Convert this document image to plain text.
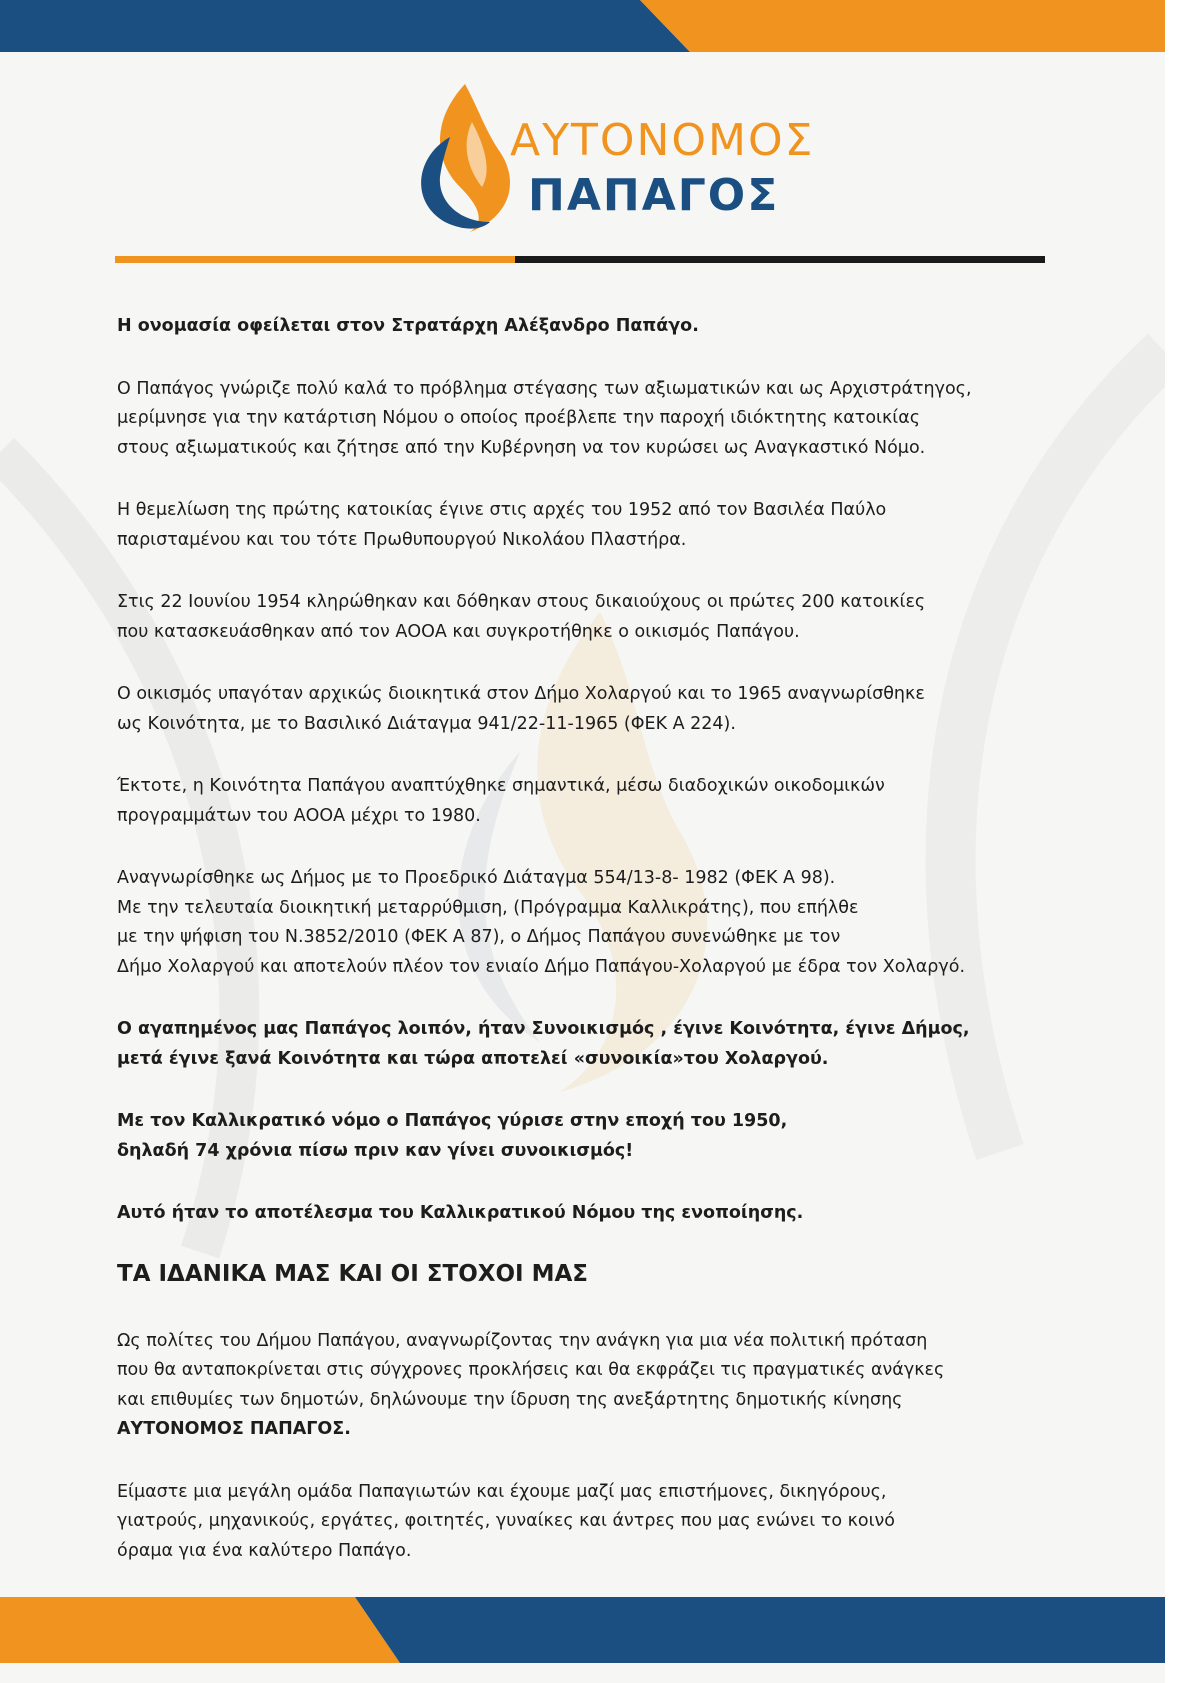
ΑΥΤΟΝΟΜΟΣ
ΠΑΠΑΓΟΣ

Η ονομασία οφείλεται στον Στρατάρχη Αλέξανδρο Παπάγο.

Ο Παπάγος γνώριζε πολύ καλά το πρόβλημα στέγασης των αξιωματικών και ως Αρχιστράτηγος,
μερίμνησε για την κατάρτιση Νόμου ο οποίος προέβλεπε την παροχή ιδιόκτητης κατοικίας
στους αξιωματικούς και ζήτησε από την Κυβέρνηση να τον κυρώσει ως Αναγκαστικό Νόμο.

Η θεμελίωση της πρώτης κατοικίας έγινε στις αρχές του 1952 από τον Βασιλέα Παύλο
παρισταμένου και του τότε Πρωθυπουργού Νικολάου Πλαστήρα.

Στις 22 Ιουνίου 1954 κληρώθηκαν και δόθηκαν στους δικαιούχους οι πρώτες 200 κατοικίες
που κατασκευάσθηκαν από τον ΑΟΟΑ και συγκροτήθηκε ο οικισμός Παπάγου.

Ο οικισμός υπαγόταν αρχικώς διοικητικά στον Δήμο Χολαργού και το 1965 αναγνωρίσθηκε
ως Κοινότητα, με το Βασιλικό Διάταγμα 941/22-11-1965 (ΦΕΚ Α 224).

Έκτοτε, η Κοινότητα Παπάγου αναπτύχθηκε σημαντικά, μέσω διαδοχικών οικοδομικών
προγραμμάτων του ΑΟΟΑ μέχρι το 1980.

Αναγνωρίσθηκε ως Δήμος με το Προεδρικό Διάταγμα 554/13-8- 1982 (ΦΕΚ Α 98).
Με την τελευταία διοικητική μεταρρύθμιση, (Πρόγραμμα Καλλικράτης), που επήλθε
με την ψήφιση του Ν.3852/2010 (ΦΕΚ Α 87), ο Δήμος Παπάγου συνενώθηκε με τον
Δήμο Χολαργού και αποτελούν πλέον τον ενιαίο Δήμο Παπάγου-Χολαργού με έδρα τον Χολαργό.

Ο αγαπημένος μας Παπάγος λοιπόν, ήταν Συνοικισμός , έγινε Κοινότητα, έγινε Δήμος,
μετά έγινε ξανά Κοινότητα και τώρα αποτελεί «συνοικία»του Χολαργού.

Με τον Καλλικρατικό νόμο ο Παπάγος γύρισε στην εποχή του 1950,
δηλαδή 74 χρόνια πίσω πριν καν γίνει συνοικισμός!

Αυτό ήταν το αποτέλεσμα του Καλλικρατικού Νόμου της ενοποίησης.

ΤΑ ΙΔΑΝΙΚΑ ΜΑΣ ΚΑΙ ΟΙ ΣΤΟΧΟΙ ΜΑΣ

Ως πολίτες του Δήμου Παπάγου, αναγνωρίζοντας την ανάγκη για μια νέα πολιτική πρόταση
που θα ανταποκρίνεται στις σύγχρονες προκλήσεις και θα εκφράζει τις πραγματικές ανάγκες
και επιθυμίες των δημοτών, δηλώνουμε την ίδρυση της ανεξάρτητης δημοτικής κίνησης
ΑΥΤΟΝΟΜΟΣ ΠΑΠΑΓΟΣ.

Είμαστε μια μεγάλη ομάδα Παπαγιωτών και έχουμε μαζί μας επιστήμονες, δικηγόρους,
γιατρούς, μηχανικούς, εργάτες, φοιτητές, γυναίκες και άντρες που μας ενώνει το κοινό
όραμα για ένα καλύτερο Παπάγο.
